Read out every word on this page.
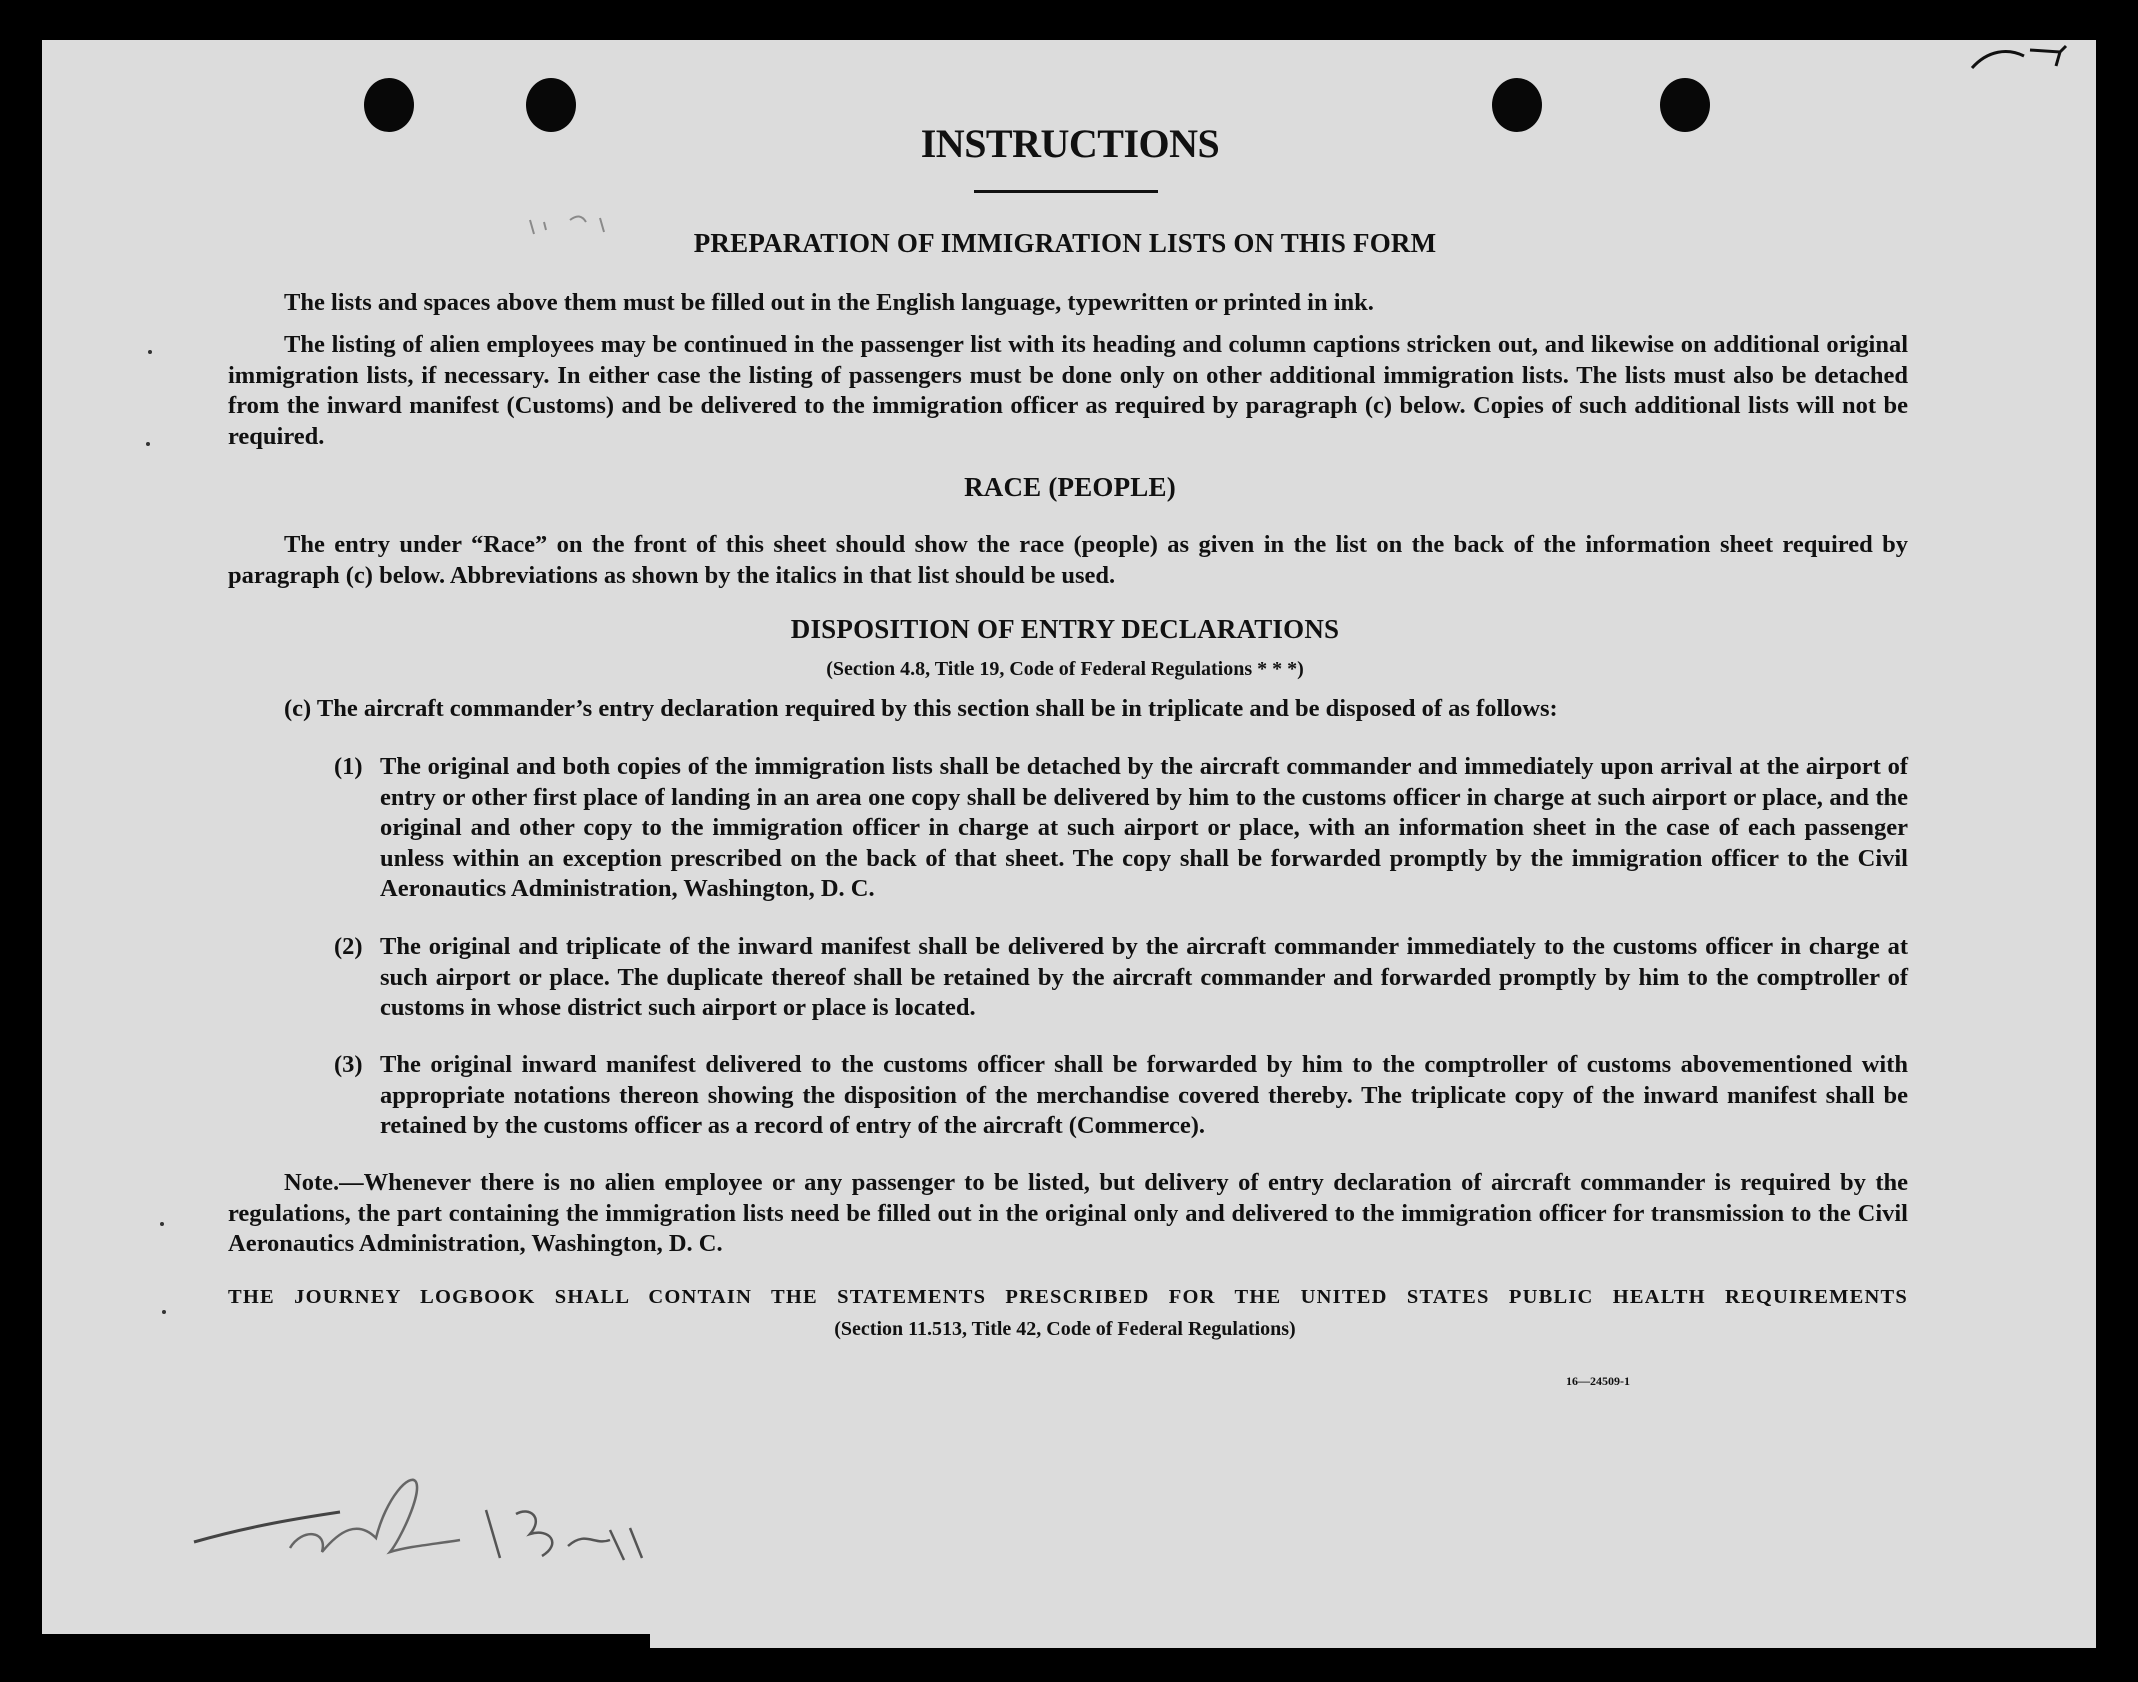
INSTRUCTIONS
PREPARATION OF IMMIGRATION LISTS ON THIS FORM
The lists and spaces above them must be filled out in the English language, typewritten or printed in ink.
The listing of alien employees may be continued in the passenger list with its heading and column captions stricken out, and likewise on additional original immigration lists, if necessary. In either case the listing of passengers must be done only on other additional immigration lists. The lists must also be detached from the inward manifest (Customs) and be delivered to the immigration officer as required by paragraph (c) below. Copies of such additional lists will not be required.
RACE (PEOPLE)
The entry under “Race” on the front of this sheet should show the race (people) as given in the list on the back of the information sheet required by paragraph (c) below. Abbreviations as shown by the italics in that list should be used.
DISPOSITION OF ENTRY DECLARATIONS
(Section 4.8, Title 19, Code of Federal Regulations * * *)
(c) The aircraft commander’s entry declaration required by this section shall be in triplicate and be disposed of as follows:
(1) The original and both copies of the immigration lists shall be detached by the aircraft commander and immediately upon arrival at the airport of entry or other first place of landing in an area one copy shall be delivered by him to the customs officer in charge at such airport or place, and the original and other copy to the immigration officer in charge at such airport or place, with an information sheet in the case of each passenger unless within an exception prescribed on the back of that sheet. The copy shall be forwarded promptly by the immigration officer to the Civil Aeronautics Administration, Washington, D. C.
(2) The original and triplicate of the inward manifest shall be delivered by the aircraft commander immediately to the customs officer in charge at such airport or place. The duplicate thereof shall be retained by the aircraft commander and forwarded promptly by him to the comptroller of customs in whose district such airport or place is located.
(3) The original inward manifest delivered to the customs officer shall be forwarded by him to the comptroller of customs abovementioned with appropriate notations thereon showing the disposition of the merchandise covered thereby. The triplicate copy of the inward manifest shall be retained by the customs officer as a record of entry of the aircraft (Commerce).
Note.—Whenever there is no alien employee or any passenger to be listed, but delivery of entry declaration of aircraft commander is required by the regulations, the part containing the immigration lists need be filled out in the original only and delivered to the immigration officer for transmission to the Civil Aeronautics Administration, Washington, D. C.
THE JOURNEY LOGBOOK SHALL CONTAIN THE STATEMENTS PRESCRIBED FOR THE UNITED STATES PUBLIC HEALTH REQUIREMENTS
(Section 11.513, Title 42, Code of Federal Regulations)
16—24509-1
